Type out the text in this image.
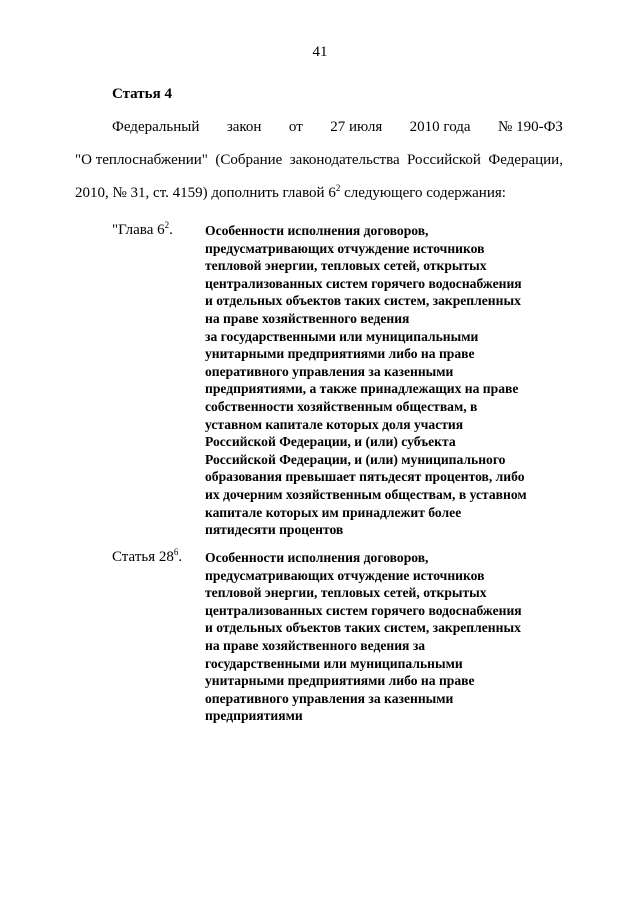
41
Статья 4
Федеральный закон от 27 июля 2010 года № 190-ФЗ
"О теплоснабжении" (Собрание законодательства Российской Федерации,
2010, № 31, ст. 4159) дополнить главой $6^2$ следующего содержания:
"Глава $6^2$. Особенности исполнения договоров,
предусматривающих отчуждение источников
тепловой энергии, тепловых сетей, открытых
централизованных систем горячего водоснабжения
и отдельных объектов таких систем, закрепленных
на праве хозяйственного ведения
за государственными или муниципальными
унитарными предприятиями либо на праве
оперативного управления за казенными
предприятиями, а также принадлежащих на праве
собственности хозяйственным обществам, в
уставном капитале которых доля участия
Российской Федерации, и (или) субъекта
Российской Федерации, и (или) муниципального
образования превышает пятьдесят процентов, либо
их дочерним хозяйственным обществам, в уставном
капитале которых им принадлежит более
пятидесяти процентов
Статья $28^6$. Особенности исполнения договоров,
предусматривающих отчуждение источников
тепловой энергии, тепловых сетей, открытых
централизованных систем горячего водоснабжения
и отдельных объектов таких систем, закрепленных
на праве хозяйственного ведения за
государственными или муниципальными
унитарными предприятиями либо на праве
оперативного управления за казенными
предприятиями
